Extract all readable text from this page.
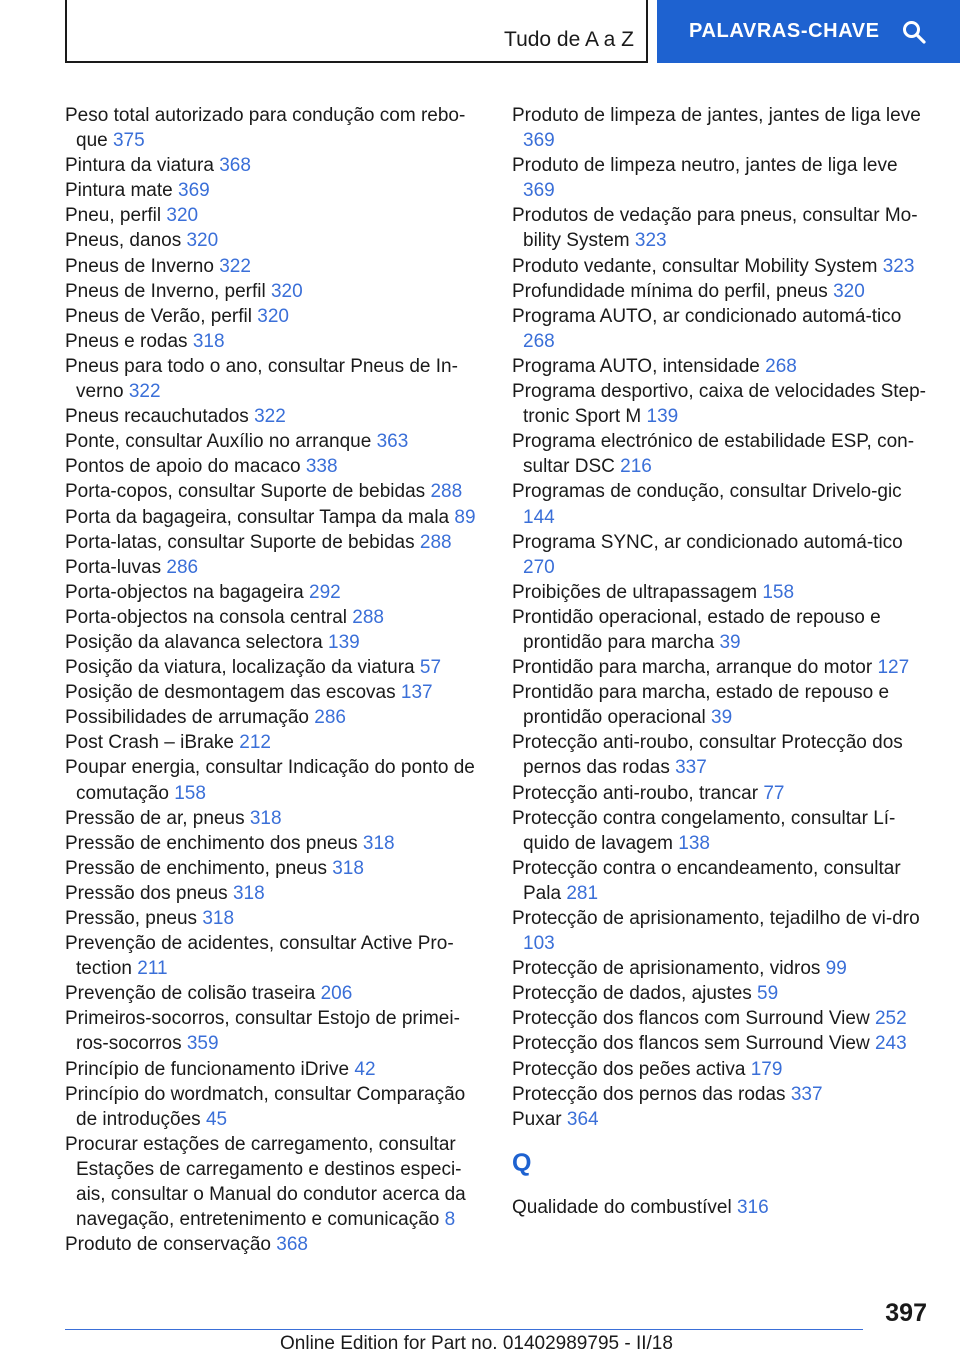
Tudo de A a Z	PALAVRAS-CHAVE
Peso total autorizado para condução com rebo-que 375
Pintura da viatura 368
Pintura mate 369
Pneu, perfil 320
Pneus, danos 320
Pneus de Inverno 322
Pneus de Inverno, perfil 320
Pneus de Verão, perfil 320
Pneus e rodas 318
Pneus para todo o ano, consultar Pneus de In-verno 322
Pneus recauchutados 322
Ponte, consultar Auxílio no arranque 363
Pontos de apoio do macaco 338
Porta-copos, consultar Suporte de bebidas 288
Porta da bagageira, consultar Tampa da mala 89
Porta-latas, consultar Suporte de bebidas 288
Porta-luvas 286
Porta-objectos na bagageira 292
Porta-objectos na consola central 288
Posição da alavanca selectora 139
Posição da viatura, localização da viatura 57
Posição de desmontagem das escovas 137
Possibilidades de arrumação 286
Post Crash – iBrake 212
Poupar energia, consultar Indicação do ponto de comutação 158
Pressão de ar, pneus 318
Pressão de enchimento dos pneus 318
Pressão de enchimento, pneus 318
Pressão dos pneus 318
Pressão, pneus 318
Prevenção de acidentes, consultar Active Pro-tection 211
Prevenção de colisão traseira 206
Primeiros-socorros, consultar Estojo de primei-ros-socorros 359
Princípio de funcionamento iDrive 42
Princípio do wordmatch, consultar Comparação de introduções 45
Procurar estações de carregamento, consultar Estações de carregamento e destinos especi-ais, consultar o Manual do condutor acerca da navegação, entretenimento e comunicação 8
Produto de conservação 368
Produto de limpeza de jantes, jantes de liga leve 369
Produto de limpeza neutro, jantes de liga leve 369
Produtos de vedação para pneus, consultar Mo-bility System 323
Produto vedante, consultar Mobility System 323
Profundidade mínima do perfil, pneus 320
Programa AUTO, ar condicionado automá-tico 268
Programa AUTO, intensidade 268
Programa desportivo, caixa de velocidades Step-tronic Sport M 139
Programa electrónico de estabilidade ESP, con-sultar DSC 216
Programas de condução, consultar Drivelo-gic 144
Programa SYNC, ar condicionado automá-tico 270
Proibições de ultrapassagem 158
Prontidão operacional, estado de repouso e prontidão para marcha 39
Prontidão para marcha, arranque do motor 127
Prontidão para marcha, estado de repouso e prontidão operacional 39
Protecção anti-roubo, consultar Protecção dos pernos das rodas 337
Protecção anti-roubo, trancar 77
Protecção contra congelamento, consultar Lí-quido de lavagem 138
Protecção contra o encandeamento, consultar Pala 281
Protecção de aprisionamento, tejadilho de vi-dro 103
Protecção de aprisionamento, vidros 99
Protecção de dados, ajustes 59
Protecção dos flancos com Surround View 252
Protecção dos flancos sem Surround View 243
Protecção dos peões activa 179
Protecção dos pernos das rodas 337
Puxar 364
Q
Qualidade do combustível 316
397
Online Edition for Part no. 01402989795 - II/18
